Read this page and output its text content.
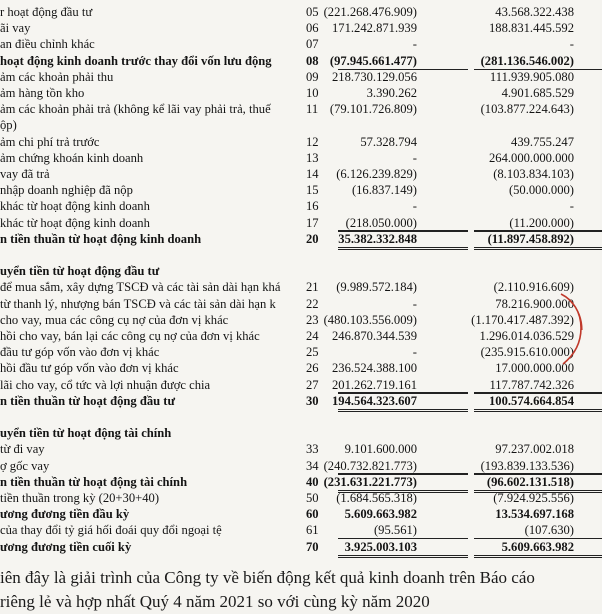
r hoạt động đầu tư	05 (221.268.476.909)	43.568.322.438
ãi vay	06	171.242.871.939	188.831.445.592
an điều chỉnh khác	07	-	-
hoạt động kinh doanh trước thay đổi vốn lưu động	08 (97.945.661.477)	(281.136.546.002)
ảm các khoản phải thu	09	218.730.129.056	111.939.905.080
ảm hàng tồn kho	10	3.390.262	4.901.685.529
ảm các khoản phải trả (không kể lãi vay phải trả, thuế	11 (79.101.726.809)	(103.877.224.643)
ộp)
ảm chi phí trả trước	12	57.328.794	439.755.247
ảm chứng khoán kinh doanh	13	-	264.000.000.000
vay đã trả	14	(6.126.239.829)	(8.103.834.103)
nhập doanh nghiệp đã nộp	15	(16.837.149)	(50.000.000)
khác từ hoạt động kinh doanh	16	-	-
khác từ hoạt động kinh doanh	17	(218.050.000)	(11.200.000)
n tiền thuần từ hoạt động kinh doanh	20	35.382.332.848	(11.897.458.892)
uyển tiền từ hoạt động đầu tư
để mua sắm, xây dựng TSCĐ và các tài sản dài hạn khá	21	(9.989.572.184)	(2.110.916.609)
từ thanh lý, nhượng bán TSCĐ và các tài sản dài hạn k	22	-	78.216.900.000
cho vay, mua các công cụ nợ của đơn vị khác	23 (480.103.556.009)	(1.170.417.487.392)
hồi cho vay, bán lại các công cụ nợ của đơn vị khác	24	246.870.344.539	1.296.014.036.529
đầu tư góp vốn vào đơn vị khác	25	-	(235.915.610.000)
hồi đầu tư góp vốn vào đơn vị khác	26	236.524.388.100	17.000.000.000
lãi cho vay, cổ tức và lợi nhuận được chia	27	201.262.719.161	117.787.742.326
n tiền thuần từ hoạt động đầu tư	30	194.564.323.607	100.574.664.854
uyển tiền từ hoạt động tài chính
từ đi vay	33	9.101.600.000	97.237.002.018
ợ gốc vay	34 (240.732.821.773)	(193.839.133.536)
n tiền thuần từ hoạt động tài chính	40 (231.631.221.773)	(96.602.131.518)
tiền thuần trong kỳ (20+30+40)	50	(1.684.565.318)	(7.924.925.556)
ương đương tiền đầu kỳ	60	5.609.663.982	13.534.697.168
của thay đổi tỷ giá hối đoái quy đổi ngoại tệ	61	(95.561)	(107.630)
ương đương tiền cuối kỳ	70	3.925.003.103	5.609.663.982
iên đây là giải trình của Công ty về biến động kết quả kinh doanh trên Báo cáo
riêng lẻ và hợp nhất Quý 4 năm 2021 so với cùng kỳ năm 2020
